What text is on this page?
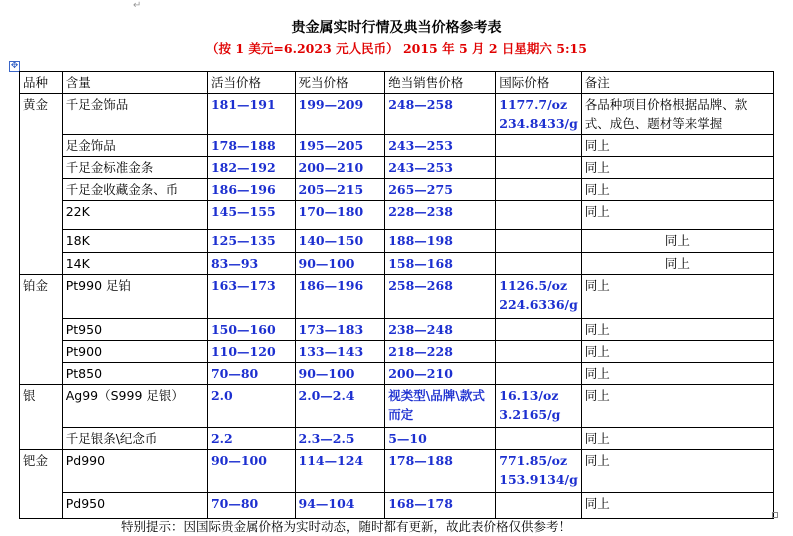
↵
贵金属实时行情及典当价格参考表
（按 1 美元=6.2023 元人民币） 2015 年 5 月 2 日星期六 5:15
✥
品种	含量	活当价格	死当价格	绝当销售价格	国际价格	备注
黄金	千足金饰品	181—191	199—209	248—258	1177.7/oz 234.8433/g	各品种项目价格根据品牌、款式、成色、题材等来掌握
	足金饰品	178—188	195—205	243—253		同上
	千足金标准金条	182—192	200—210	243—253		同上
	千足金收藏金条、币	186—196	205—215	265—275		同上
	22K	145—155	170—180	228—238		同上
	18K	125—135	140—150	188—198		同上
	14K	83—93	90—100	158—168		同上
铂金	Pt990 足铂	163—173	186—196	258—268	1126.5/oz 224.6336/g	同上
	Pt950	150—160	173—183	238—248		同上
	Pt900	110—120	133—143	218—228		同上
	Pt850	70—80	90—100	200—210		同上
银	Ag99（S999 足银）	2.0	2.0—2.4	视类型\品牌\款式而定	16.13/oz 3.2165/g	同上
	千足银条\纪念币	2.2	2.3—2.5	5—10		同上
钯金	Pd990	90—100	114—124	178—188	771.85/oz 153.9134/g	同上
	Pd950	70—80	94—104	168—178		同上
特别提示：因国际贵金属价格为实时动态，随时都有更新，故此表价格仅供参考！
